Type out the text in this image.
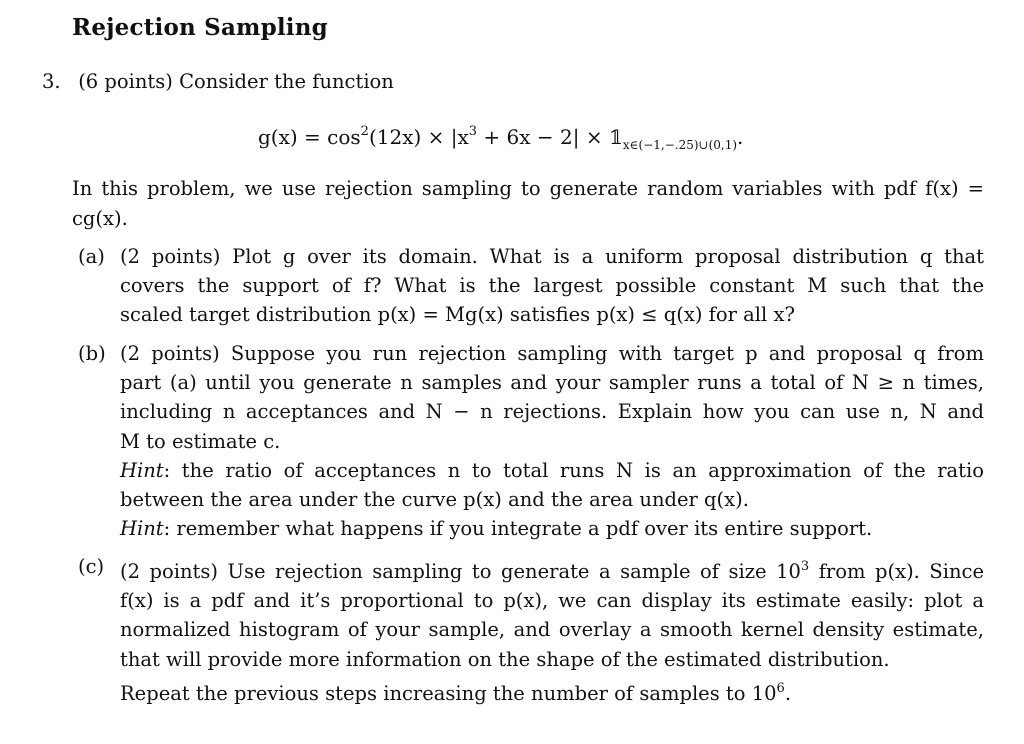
Rejection Sampling
3. (6 points) Consider the function
$g(x) = \cos^2(12x) \times |x^3 + 6x - 2|$ × $𝟙_{x\in(-1,-.25)\cup(0,1)}$.
In this problem, we use rejection sampling to generate random variables with pdf f(x) =
cg(x).
(a) (2 points) Plot g over its domain. What is a uniform proposal distribution q that
covers the support of f? What is the largest possible constant M such that the
scaled target distribution p(x) = Mg(x) satisfies p(x) ≤ q(x) for all x?
(b) (2 points) Suppose you run rejection sampling with target p and proposal q from
part (a) until you generate n samples and your sampler runs a total of N ≥ n times,
including n acceptances and N − n rejections. Explain how you can use n, N and
M to estimate c.
Hint: the ratio of acceptances n to total runs N is an approximation of the ratio
between the area under the curve p(x) and the area under q(x).
Hint: remember what happens if you integrate a pdf over its entire support.
(c) (2 points) Use rejection sampling to generate a sample of size $10^3$ from p(x). Since
f(x) is a pdf and it’s proportional to p(x), we can display its estimate easily: plot a
normalized histogram of your sample, and overlay a smooth kernel density estimate,
that will provide more information on the shape of the estimated distribution.
Repeat the previous steps increasing the number of samples to $10^6$.
